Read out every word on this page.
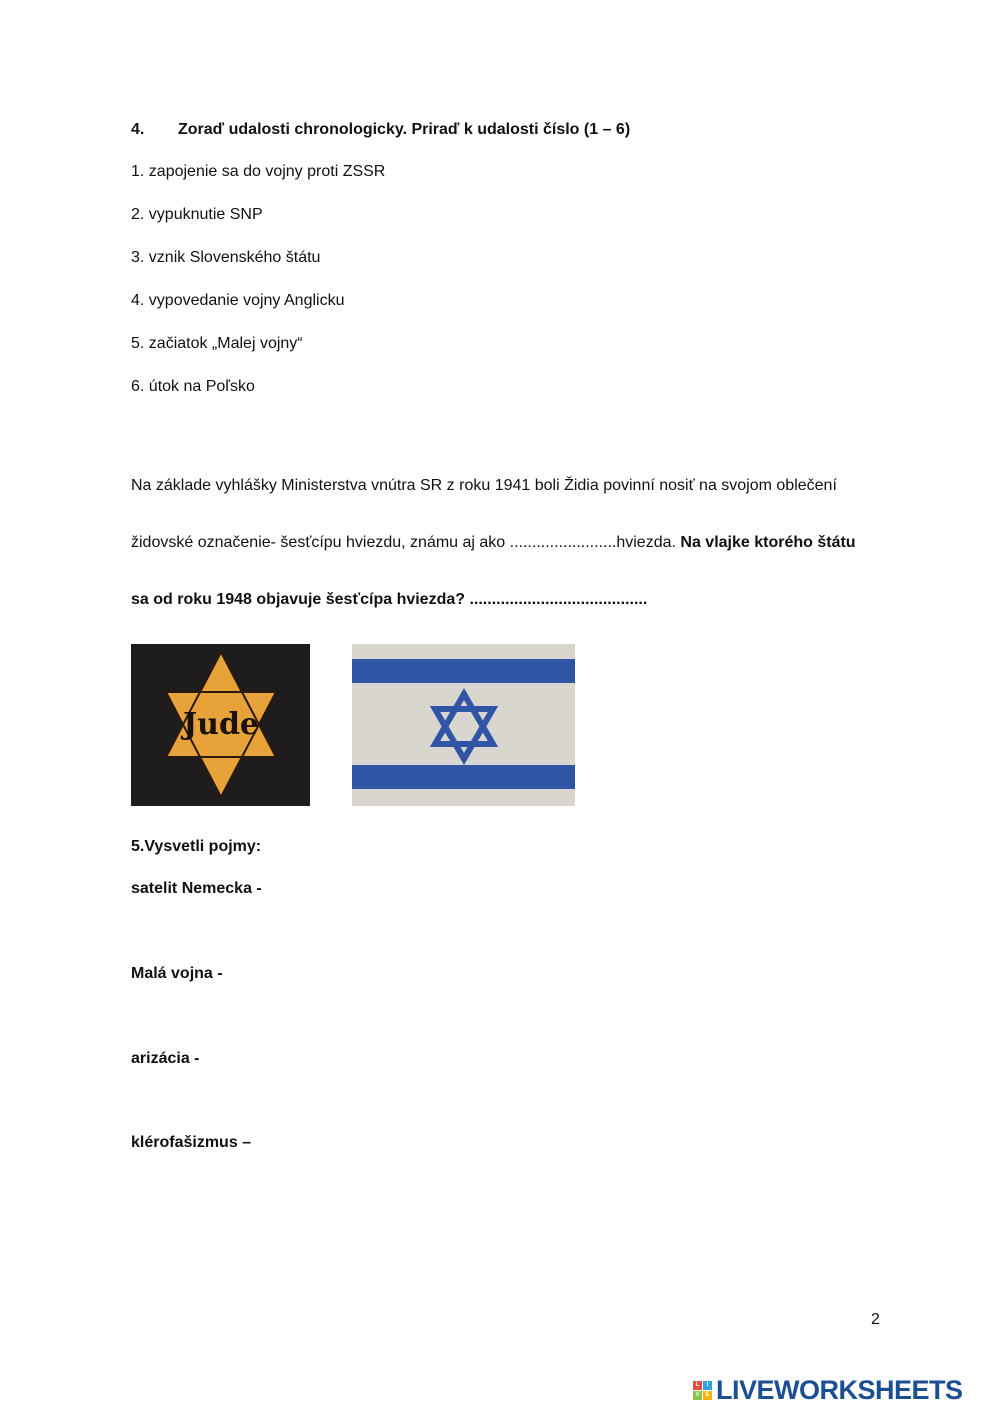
4. Zoraď udalosti chronologicky. Priraď k udalosti číslo (1 – 6)
1. zapojenie sa do vojny proti ZSSR
2. vypuknutie SNP
3. vznik Slovenského štátu
4. vypovedanie vojny Anglicku
5. začiatok „Malej vojny“
6. útok na Poľsko
Na základe vyhlášky Ministerstva vnútra SR z roku 1941 boli Židia povinní nosiť na svojom oblečení
židovské označenie- šesťcípu hviezdu, známu aj ako ........................hviezda. Na vlajke ktorého štátu
sa od roku 1948 objavuje šesťcípa hviezda? ........................................
Jude
5.Vysvetli pojmy:
satelit Nemecka -
Malá vojna -
arizácia -
klérofašizmus –
2
L	I
V E LIVEWORKSHEETS
